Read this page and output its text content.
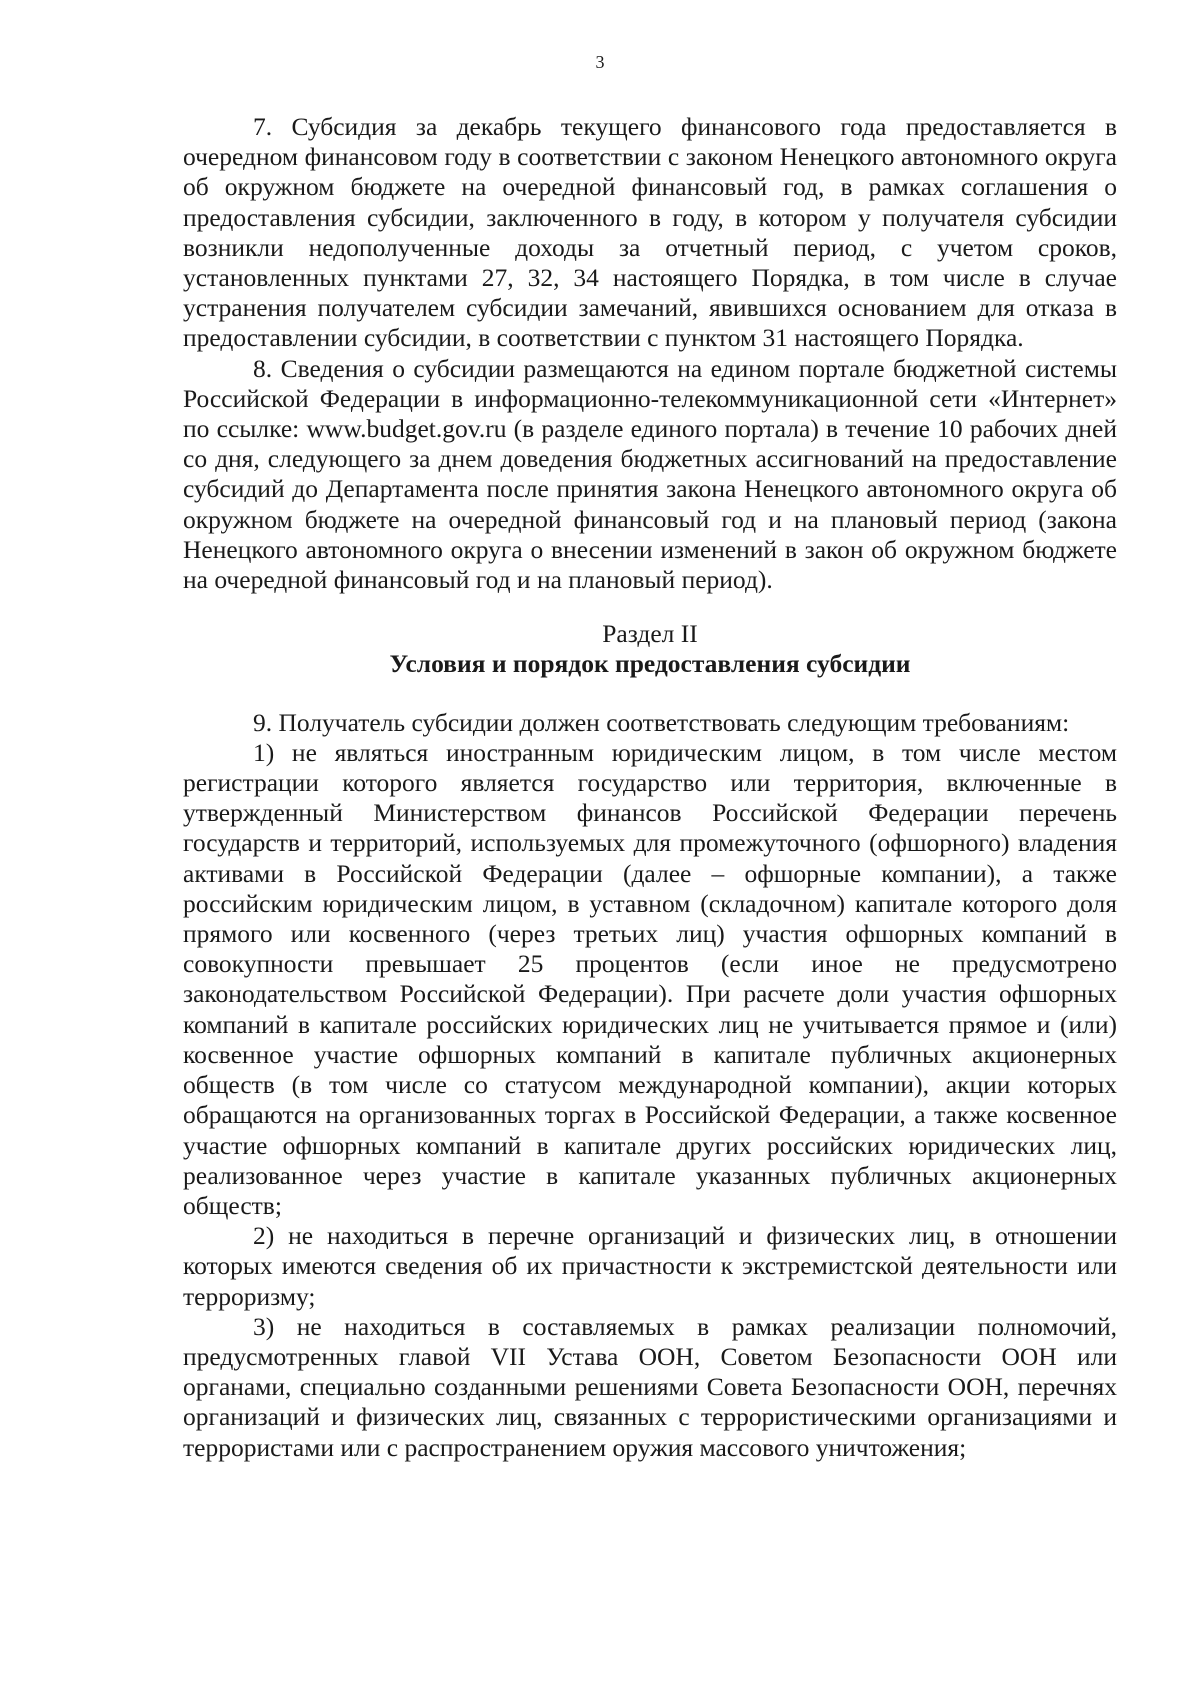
3

7. Субсидия за декабрь текущего финансового года предоставляется в очередном финансовом году в соответствии с законом Ненецкого автономного округа об окружном бюджете на очередной финансовый год, в рамках соглашения о предоставления субсидии, заключенного в году, в котором у получателя субсидии возникли недополученные доходы за отчетный период, с учетом сроков, установленных пунктами 27, 32, 34 настоящего Порядка, в том числе в случае устранения получателем субсидии замечаний, явившихся основанием для отказа в предоставлении субсидии, в соответствии с пунктом 31 настоящего Порядка.

8. Сведения о субсидии размещаются на едином портале бюджетной системы Российской Федерации в информационно-телекоммуникационной сети «Интернет» по ссылке: www.budget.gov.ru (в разделе единого портала) в течение 10 рабочих дней со дня, следующего за днем доведения бюджетных ассигнований на предоставление субсидий до Департамента после принятия закона Ненецкого автономного округа об окружном бюджете на очередной финансовый год и на плановый период (закона Ненецкого автономного округа о внесении изменений в закон об окружном бюджете на очередной финансовый год и на плановый период).

Раздел II
Условия и порядок предоставления субсидии

9. Получатель субсидии должен соответствовать следующим требованиям:

1) не являться иностранным юридическим лицом, в том числе местом регистрации которого является государство или территория, включенные в утвержденный Министерством финансов Российской Федерации перечень государств и территорий, используемых для промежуточного (офшорного) владения активами в Российской Федерации (далее – офшорные компании), а также российским юридическим лицом, в уставном (складочном) капитале которого доля прямого или косвенного (через третьих лиц) участия офшорных компаний в совокупности превышает 25 процентов (если иное не предусмотрено законодательством Российской Федерации). При расчете доли участия офшорных компаний в капитале российских юридических лиц не учитывается прямое и (или) косвенное участие офшорных компаний в капитале публичных акционерных обществ (в том числе со статусом международной компании), акции которых обращаются на организованных торгах в Российской Федерации, а также косвенное участие офшорных компаний в капитале других российских юридических лиц, реализованное через участие в капитале указанных публичных акционерных обществ;

2) не находиться в перечне организаций и физических лиц, в отношении которых имеются сведения об их причастности к экстремистской деятельности или терроризму;

3) не находиться в составляемых в рамках реализации полномочий, предусмотренных главой VII Устава ООН, Советом Безопасности ООН или органами, специально созданными решениями Совета Безопасности ООН, перечнях организаций и физических лиц, связанных с террористическими организациями и террористами или с распространением оружия массового уничтожения;
